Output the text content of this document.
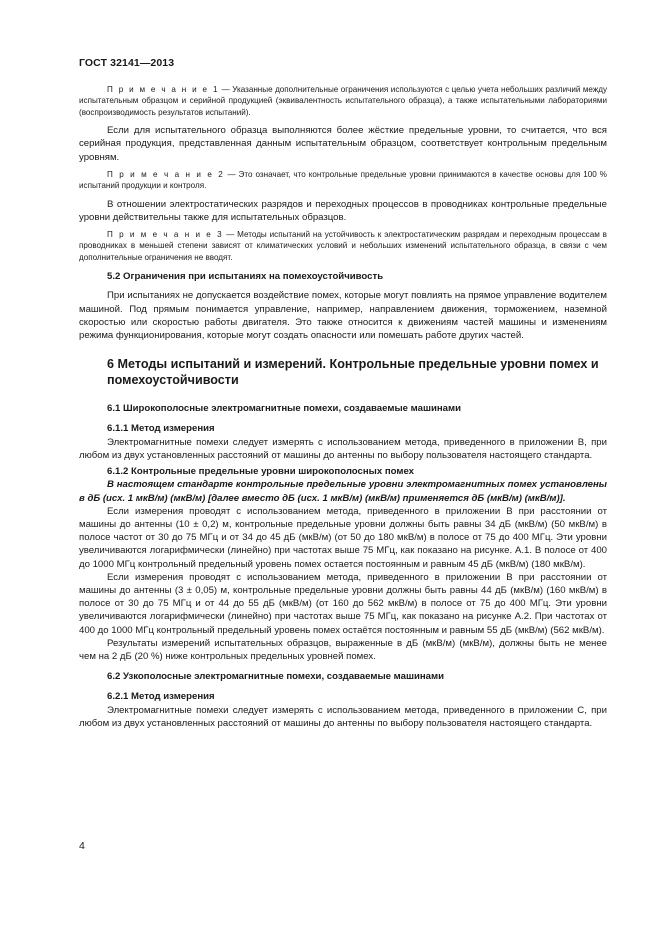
ГОСТ 32141—2013

П р и м е ч а н и е 1 — Указанные дополнительные ограничения используются с целью учета небольших различий между испытательным образцом и серийной продукцией (эквивалентность испытательного образца), а также испытательными лабораториями (воспроизводимость результатов испытаний).

Если для испытательного образца выполняются более жёсткие предельные уровни, то считается, что вся серийная продукция, представленная данным испытательным образцом, соответствует контрольным предельным уровням.

П р и м е ч а н и е 2 — Это означает, что контрольные предельные уровни принимаются в качестве основы для 100 % испытаний продукции и контроля.

В отношении электростатических разрядов и переходных процессов в проводниках контрольные предельные уровни действительны также для испытательных образцов.

П р и м е ч а н и е 3 — Методы испытаний на устойчивость к электростатическим разрядам и переходным процессам в проводниках в меньшей степени зависят от климатических условий и небольших изменений испытательного образца, в связи с чем дополнительные ограничения не вводят.

5.2 Ограничения при испытаниях на помехоустойчивость

При испытаниях не допускается воздействие помех, которые могут повлиять на прямое управление водителем машиной. Под прямым понимается управление, например, направлением движения, торможением, наземной скоростью или скоростью работы двигателя. Это также относится к движениям частей машины и изменениям режима функционирования, которые могут создать опасности или помешать работе других частей.

6 Методы испытаний и измерений. Контрольные предельные уровни помех и помехоустойчивости

6.1 Широкополосные электромагнитные помехи, создаваемые машинами

6.1.1 Метод измерения

Электромагнитные помехи следует измерять с использованием метода, приведенного в приложении В, при любом из двух установленных расстояний от машины до антенны по выбору пользователя настоящего стандарта.

6.1.2 Контрольные предельные уровни широкополосных помех

В настоящем стандарте контрольные предельные уровни электромагнитных помех установлены в дБ (исх. 1 мкВ/м) (мкВ/м) [далее вместо дБ (исх. 1 мкВ/м) (мкВ/м) применяется дБ (мкВ/м) (мкВ/м)].

Если измерения проводят с использованием метода, приведенного в приложении В при расстоянии от машины до антенны (10 ± 0,2) м, контрольные предельные уровни должны быть равны 34 дБ (мкВ/м) (50 мкВ/м) в полосе частот от 30 до 75 МГц и от 34 до 45 дБ (мкВ/м) (от 50 до 180 мкВ/м) в полосе от 75 до 400 МГц. Эти уровни увеличиваются логарифмически (линейно) при частотах выше 75 МГц, как показано на рисунке. А.1. В полосе от 400 до 1000 МГц контрольный предельный уровень помех остается постоянным и равным 45 дБ (мкВ/м) (180 мкВ/м).

Если измерения проводят с использованием метода, приведенного в приложении В при расстоянии от машины до антенны (3 ± 0,05) м, контрольные предельные уровни должны быть равны 44 дБ (мкВ/м) (160 мкВ/м) в полосе от 30 до 75 МГц и от 44 до 55 дБ (мкВ/м) (от 160 до 562 мкВ/м) в полосе от 75 до 400 МГц. Эти уровни увеличиваются логарифмически (линейно) при частотах выше 75 МГц, как показано на рисунке А.2. При частотах от 400 до 1000 МГц контрольный предельный уровень помех остаётся постоянным и равным 55 дБ (мкВ/м) (562 мкВ/м).

Результаты измерений испытательных образцов, выраженные в дБ (мкВ/м) (мкВ/м), должны быть не менее чем на 2 дБ (20 %) ниже контрольных предельных уровней помех.

6.2 Узкополосные электромагнитные помехи, создаваемые машинами

6.2.1 Метод измерения

Электромагнитные помехи следует измерять с использованием метода, приведенного в приложении С, при любом из двух установленных расстояний от машины до антенны по выбору пользователя настоящего стандарта.

4
